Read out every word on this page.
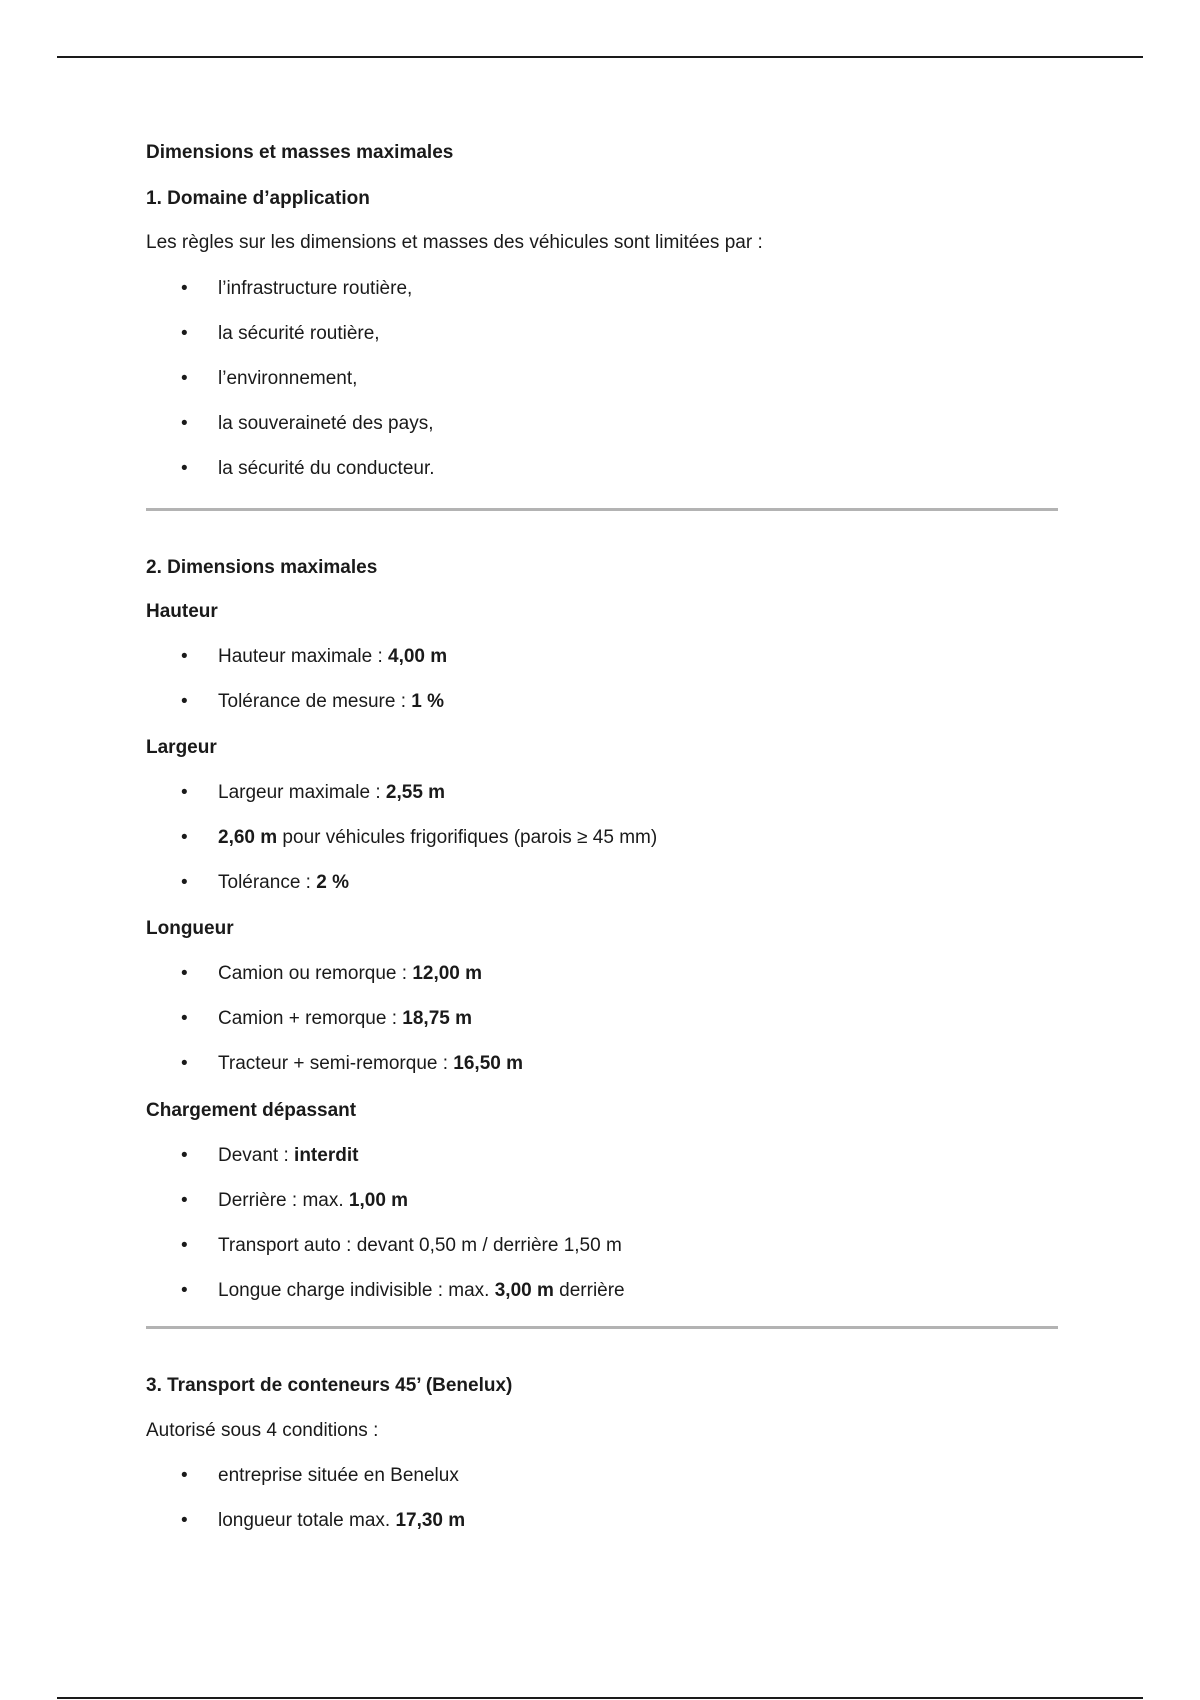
Dimensions et masses maximales

1. Domaine d’application

Les règles sur les dimensions et masses des véhicules sont limitées par :

• l’infrastructure routière,
• la sécurité routière,
• l’environnement,
• la souveraineté des pays,
• la sécurité du conducteur.

2. Dimensions maximales

Hauteur

• Hauteur maximale : 4,00 m
• Tolérance de mesure : 1 %

Largeur

• Largeur maximale : 2,55 m
• 2,60 m pour véhicules frigorifiques (parois ≥ 45 mm)
• Tolérance : 2 %

Longueur

• Camion ou remorque : 12,00 m
• Camion + remorque : 18,75 m
• Tracteur + semi-remorque : 16,50 m

Chargement dépassant

• Devant : interdit
• Derrière : max. 1,00 m
• Transport auto : devant 0,50 m / derrière 1,50 m
• Longue charge indivisible : max. 3,00 m derrière

3. Transport de conteneurs 45’ (Benelux)

Autorisé sous 4 conditions :

• entreprise située en Benelux
• longueur totale max. 17,30 m
